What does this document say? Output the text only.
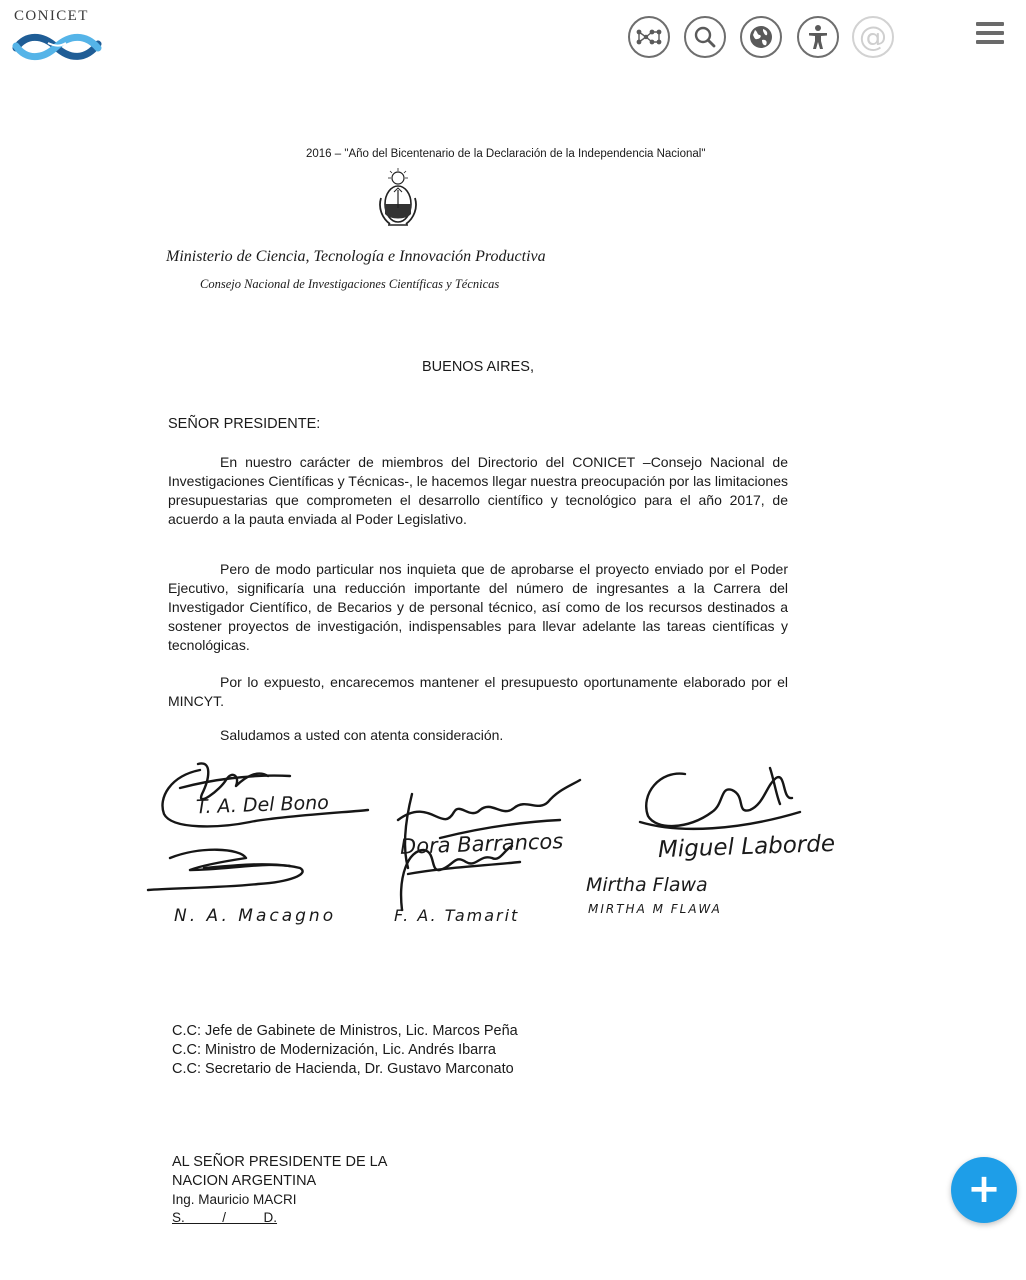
CONICET
@
2016 – "Año del Bicentenario de la Declaración de la Independencia Nacional"
Ministerio de Ciencia, Tecnología e Innovación Productiva
Consejo Nacional de Investigaciones Científicas y Técnicas
BUENOS AIRES,
SEÑOR PRESIDENTE:
En nuestro carácter de miembros del Directorio del CONICET –Consejo Nacional de Investigaciones Científicas y Técnicas-, le hacemos llegar nuestra preocupación por las limitaciones presupuestarias que comprometen el desarrollo científico y tecnológico para el año 2017, de acuerdo a la pauta enviada al Poder Legislativo.
Pero de modo particular nos inquieta que de aprobarse el proyecto enviado por el Poder Ejecutivo, significaría una reducción importante del número de ingresantes a la Carrera del Investigador Científico, de Becarios y de personal técnico, así como de los recursos destinados a sostener proyectos de investigación, indispensables para llevar adelante las tareas científicas y tecnológicas.
Por lo expuesto, encarecemos mantener el presupuesto oportunamente elaborado por el MINCYT.
Saludamos a usted con atenta consideración.
T. A. Del Bono
Dora Barrancos	Miguel Laborde
N. A. Macagno	F. A. Tamarit
Mirtha Flawa
MIRTHA M FLAWA
C.C: Jefe de Gabinete de Ministros, Lic. Marcos Peña
C.C: Ministro de Modernización, Lic. Andrés Ibarra
C.C: Secretario de Hacienda, Dr. Gustavo Marconato
AL SEÑOR PRESIDENTE DE LA
NACION ARGENTINA
Ing. Mauricio MACRI
S.          /          D.
+
